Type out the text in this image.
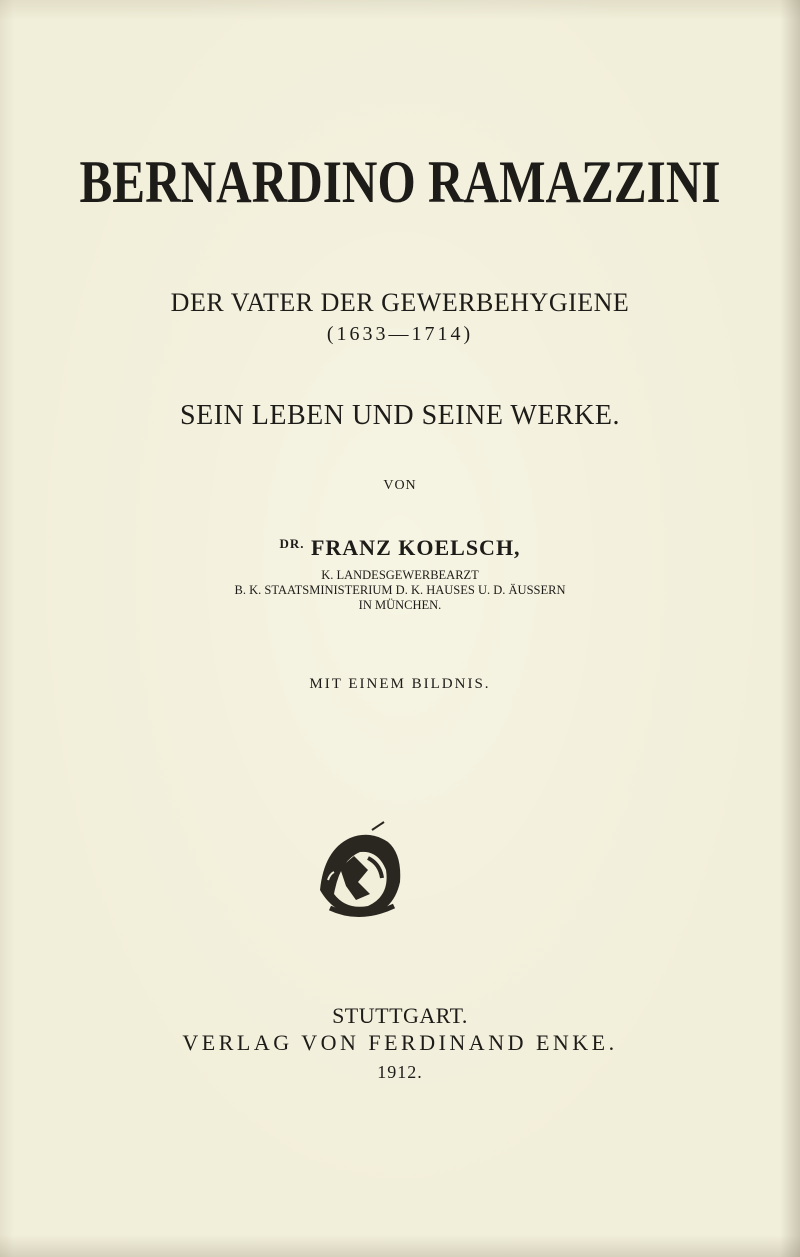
BERNARDINO RAMAZZINI
DER VATER DER GEWERBEHYGIENE
(1633—1714)
SEIN LEBEN UND SEINE WERKE.
VON
$^{DR.}$ FRANZ KOELSCH,
K. LANDESGEWERBEARZT
B. K. STAATSMINISTERIUM D. K. HAUSES U. D. ÄUSSERN
IN MÜNCHEN.
MIT EINEM BILDNIS.
STUTTGART.
VERLAG VON FERDINAND ENKE.
1912.
